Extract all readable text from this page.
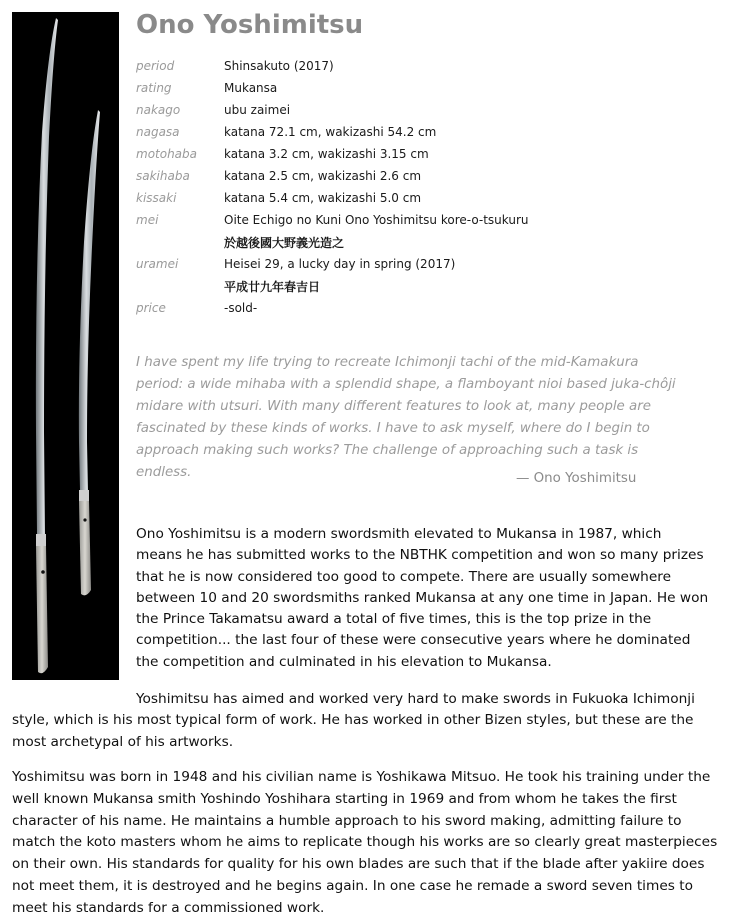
Ono Yoshimitsu
period	Shinsakuto (2017)
rating	Mukansa
nakago	ubu zaimei
nagasa	katana 72.1 cm, wakizashi 54.2 cm
motohaba	katana 3.2 cm, wakizashi 3.15 cm
sakihaba	katana 2.5 cm, wakizashi 2.6 cm
kissaki	katana 5.4 cm, wakizashi 5.0 cm
mei	Oite Echigo no Kuni Ono Yoshimitsu kore-o-tsukuru
於越後國大野義光造之
uramei	Heisei 29, a lucky day in spring (2017)
平成廿九年春吉日
price	-sold-

I have spent my life trying to recreate Ichimonji tachi of the mid-Kamakura period: a wide mihaba with a splendid shape, a flamboyant nioi based juka-chôji midare with utsuri. With many different features to look at, many people are fascinated by these kinds of works. I have to ask myself, where do I begin to approach making such works? The challenge of approaching such a task is endless.	— Ono Yoshimitsu

Ono Yoshimitsu is a modern swordsmith elevated to Mukansa in 1987, which means he has submitted works to the NBTHK competition and won so many prizes that he is now considered too good to compete. There are usually somewhere between 10 and 20 swordsmiths ranked Mukansa at any one time in Japan. He won the Prince Takamatsu award a total of five times, this is the top prize in the competition... the last four of these were consecutive years where he dominated the competition and culminated in his elevation to Mukansa.

Yoshimitsu has aimed and worked very hard to make swords in Fukuoka Ichimonji style, which is his most typical form of work. He has worked in other Bizen styles, but these are the most archetypal of his artworks.

Yoshimitsu was born in 1948 and his civilian name is Yoshikawa Mitsuo. He took his training under the well known Mukansa smith Yoshindo Yoshihara starting in 1969 and from whom he takes the first character of his name. He maintains a humble approach to his sword making, admitting failure to match the koto masters whom he aims to replicate though his works are so clearly great masterpieces on their own. His standards for quality for his own blades are such that if the blade after yakiire does not meet them, it is destroyed and he begins again. In one case he remade a sword seven times to meet his standards for a commissioned work.
